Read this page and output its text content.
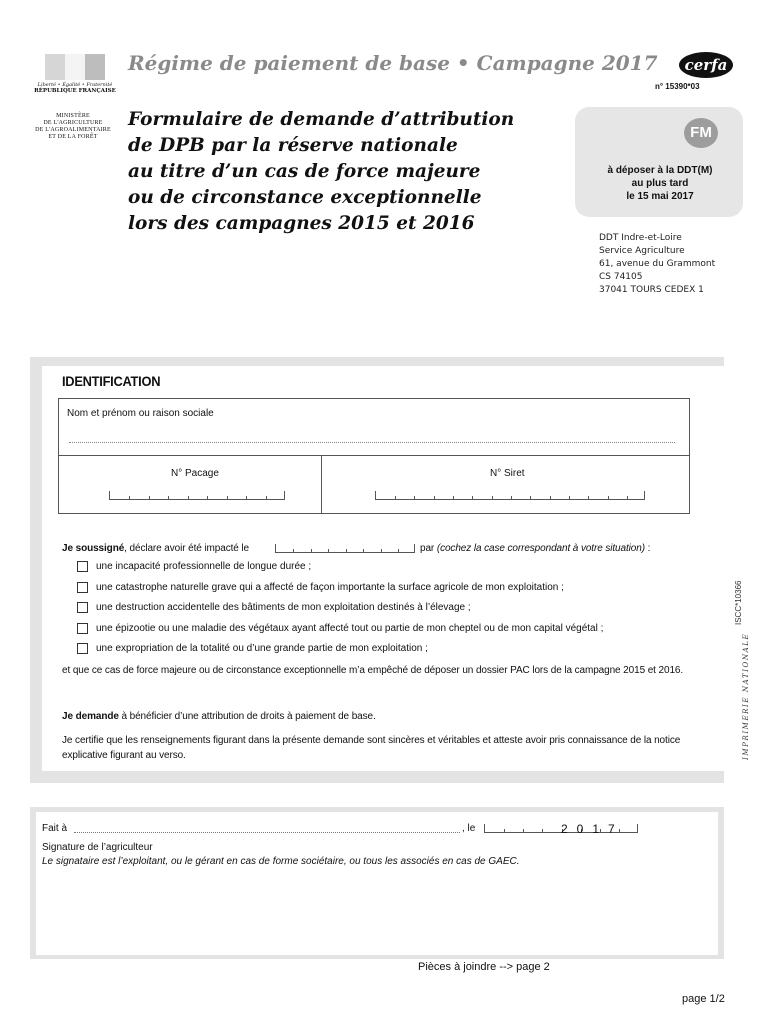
Liberté • Égalité • Fraternité
RÉPUBLIQUE FRANÇAISE
MINISTÈRE
DE L'AGRICULTURE
DE L'AGROALIMENTAIRE
ET DE LA FORÊT
Régime de paiement de base • Campagne 2017
Formulaire de demande d’attribution
de DPB par la réserve nationale
au titre d’un cas de force majeure
ou de circonstance exceptionnelle
lors des campagnes 2015 et 2016
cerfa
n° 15390*03
FM
à déposer à la DDT(M)
au plus tard
le 15 mai 2017
DDT Indre-et-Loire
Service Agriculture
61, avenue du Grammont
CS 74105
37041 TOURS CEDEX 1
IDENTIFICATION
Nom et prénom ou raison sociale
N° Pacage	N° Siret
Je soussigné, déclare avoir été impacté le	par (cochez la case correspondant à votre situation) :
une incapacité professionnelle de longue durée ;
une catastrophe naturelle grave qui a affecté de façon importante la surface agricole de mon exploitation ;
une destruction accidentelle des bâtiments de mon exploitation destinés à l’élevage ;
une épizootie ou une maladie des végétaux ayant affecté tout ou partie de mon cheptel ou de mon capital végétal ;
une expropriation de la totalité ou d’une grande partie de mon exploitation ;
et que ce cas de force majeure ou de circonstance exceptionnelle m’a empêché de déposer un dossier PAC lors de la campagne 2015 et 2016.
Je demande à bénéficier d’une attribution de droits à paiement de base.
Je certifie que les renseignements figurant dans la présente demande sont sincères et véritables et atteste avoir pris connaissance de la notice explicative figurant au verso.	IMPRIMERIE NATIONALE
ISCC*10366
Fait à	, le	2017
Signature de l’agriculteur
Le signataire est l’exploitant, ou le gérant en cas de forme sociétaire, ou tous les associés en cas de GAEC.
Pièces à joindre --> page 2
page 1/2
